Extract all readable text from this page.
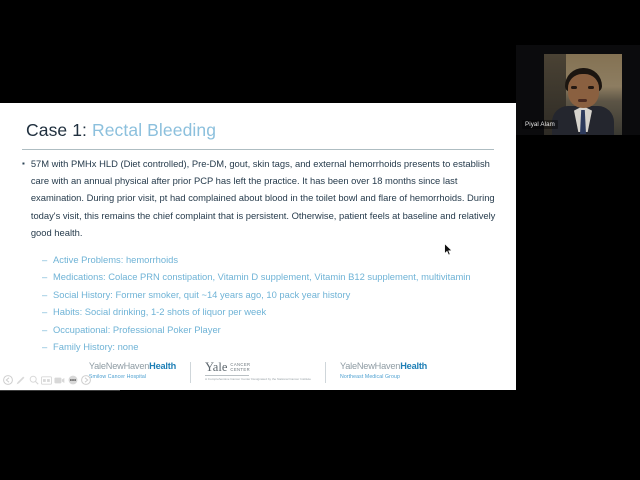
Case 1: Rectal Bleeding
▪ 57M with PMHx HLD (Diet controlled), Pre-DM, gout, skin tags, and external hemorrhoids presents to establish care with an annual physical after prior PCP has left the practice. It has been over 18 months since last examination. During prior visit, pt had complained about blood in the toilet bowl and flare of hemorrhoids. During today's visit, this remains the chief complaint that is persistent. Otherwise, patient feels at baseline and relatively good health.
– Active Problems: hemorrhoids
– Medications: Colace PRN constipation, Vitamin D supplement, Vitamin B12 supplement, multivitamin
– Social History: Former smoker, quit ~14 years ago, 10 pack year history
– Habits: Social drinking, 1-2 shots of liquor per week
– Occupational: Professional Poker Player
– Family History: none
YaleNewHavenHealth
Smilow Cancer Hospital
Yale CANCER
CENTER
A Comprehensive Cancer Center Designated by the National Cancer Institute
YaleNewHavenHealth
Northeast Medical Group
11
Piyal Alam
